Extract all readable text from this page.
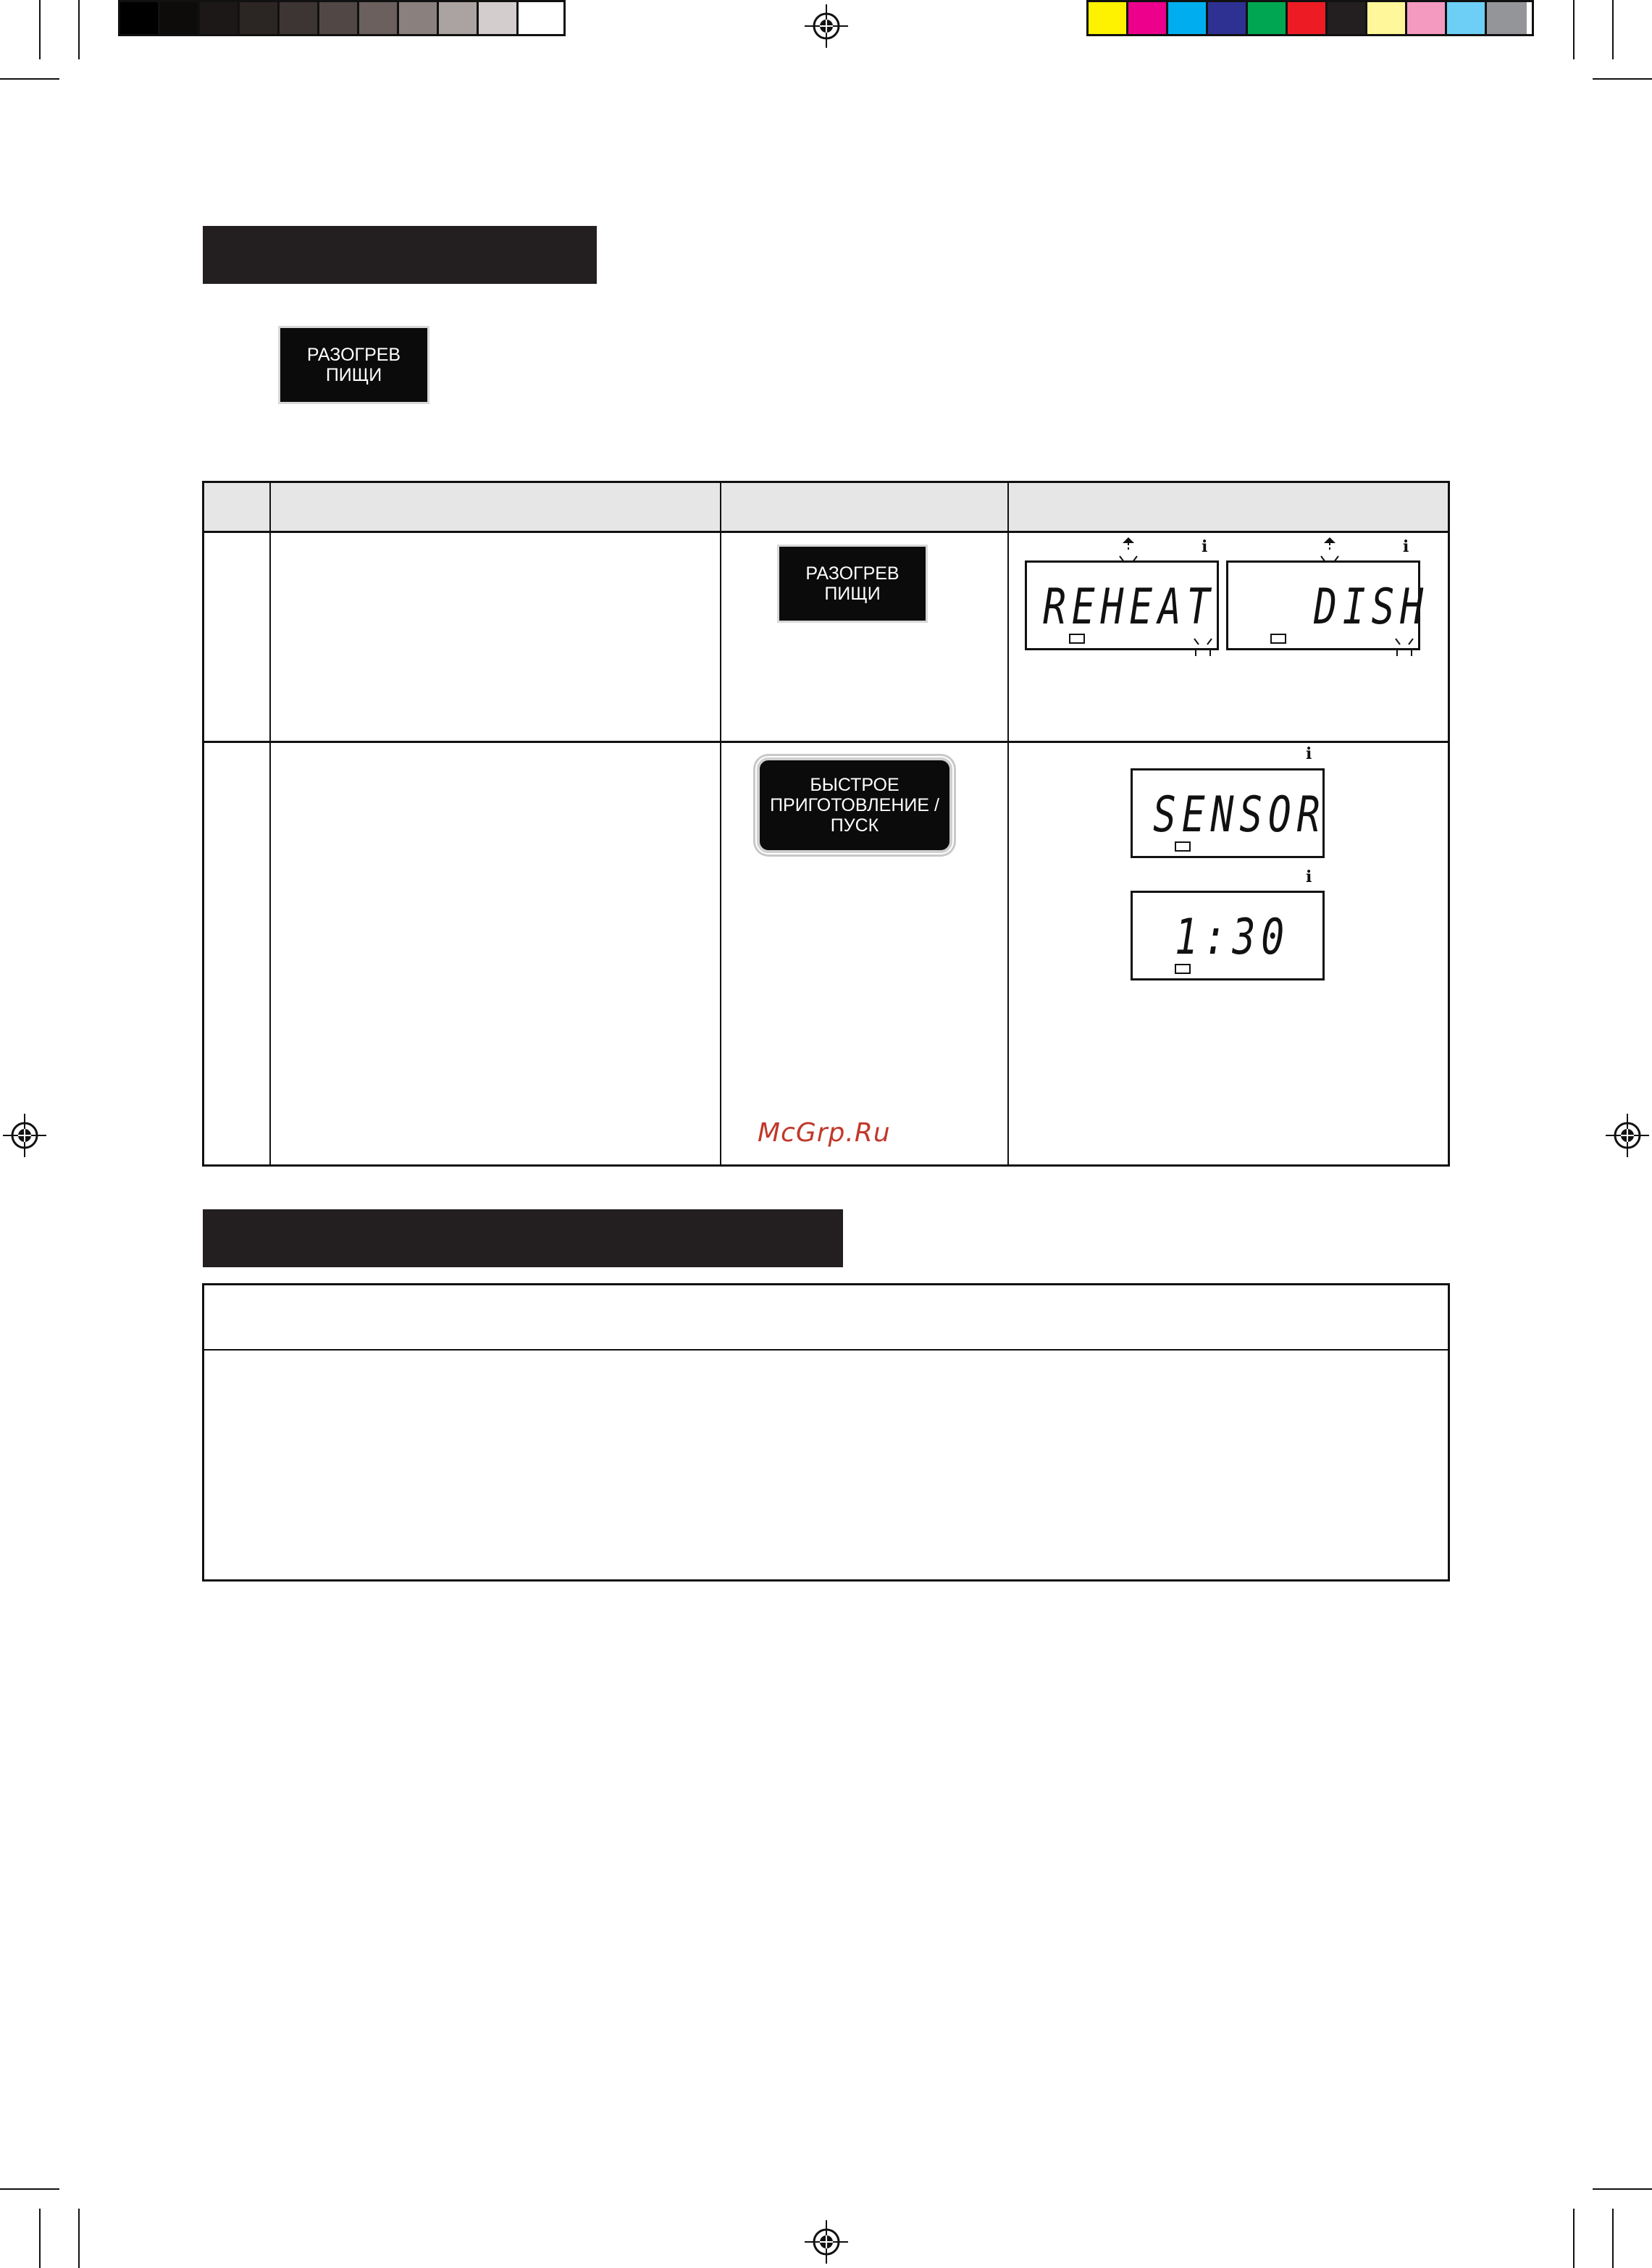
РАЗОГРЕВ
ПИЩИ
РАЗОГРЕВ
ПИЩИ	REHEAT
i
DISH
i
БЫСТРОЕ
ПРИГОТОВЛЕНИЕ /
ПУСК	SENSOR
i
1:30
i
McGrp.Ru
